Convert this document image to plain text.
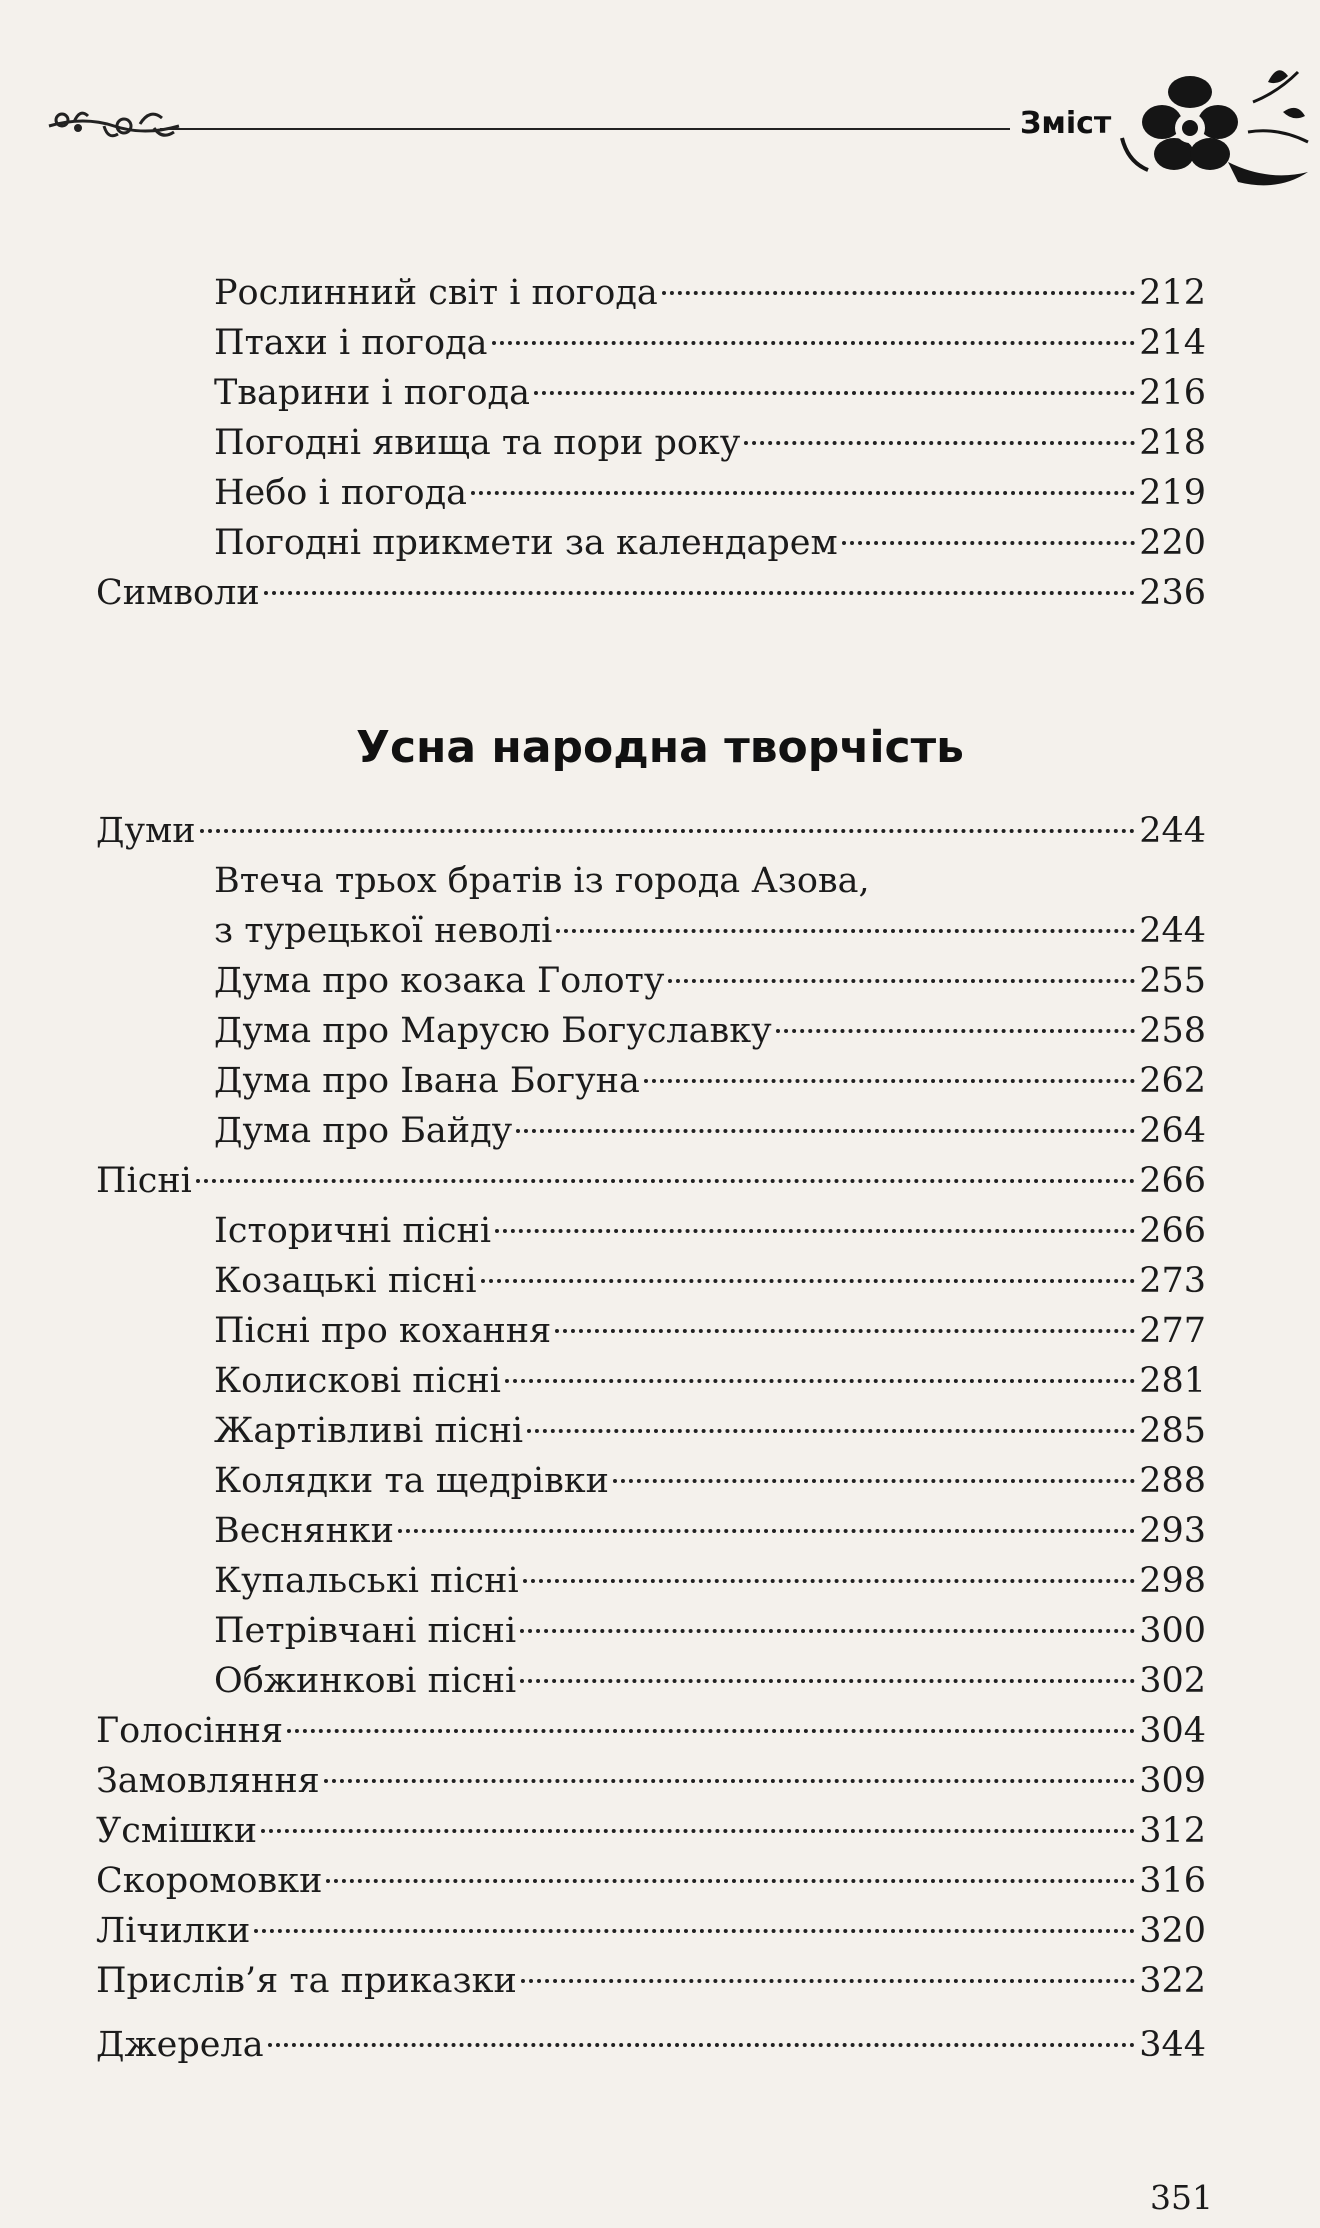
Зміст
Рослинний світ і погода	212
Птахи і погода	214
Тварини і погода	216
Погодні явища та пори року	218
Небо і погода	219
Погодні прикмети за календарем	220
Символи	236
Усна народна творчість
Думи	244
Втеча трьох братів із города Азова,
з турецької неволі	244
Дума про козака Голоту	255
Дума про Марусю Богуславку	258
Дума про Івана Богуна	262
Дума про Байду	264
Пісні	266
Історичні пісні	266
Козацькі пісні	273
Пісні про кохання	277
Колискові пісні	281
Жартівливі пісні	285
Колядки та щедрівки	288
Веснянки	293
Купальські пісні	298
Петрівчані пісні	300
Обжинкові пісні	302
Голосіння	304
Замовляння	309
Усмішки	312
Скоромовки	316
Лічилки	320
Прислів’я та приказки	322
Джерела	344
351
